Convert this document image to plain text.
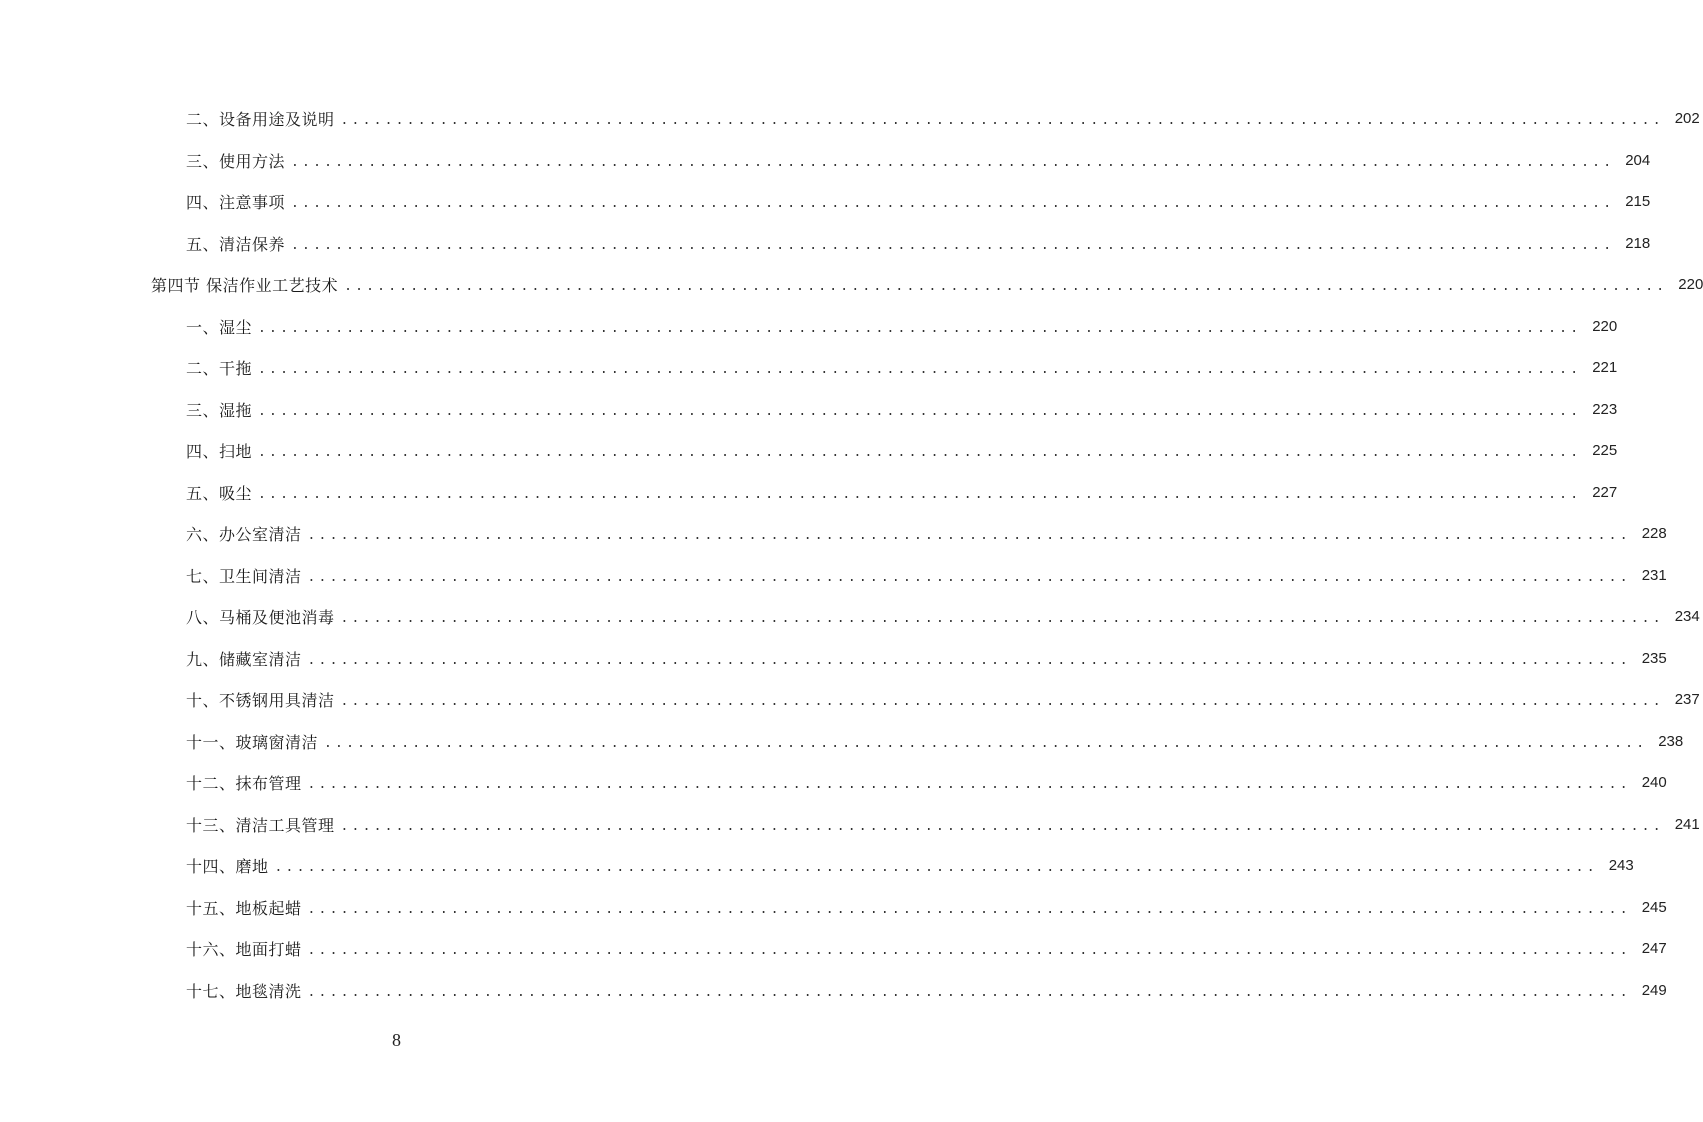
二、设备用途及说明 ........................................................................................................................ 202
三、使用方法 ........................................................................................................................ 204
四、注意事项 ........................................................................................................................ 215
五、清洁保养 ........................................................................................................................ 218
第四节 保洁作业工艺技术 ........................................................................................................................ 220
一、湿尘 ........................................................................................................................ 220
二、干拖 ........................................................................................................................ 221
三、湿拖 ........................................................................................................................ 223
四、扫地 ........................................................................................................................ 225
五、吸尘 ........................................................................................................................ 227
六、办公室清洁 ........................................................................................................................ 228
七、卫生间清洁 ........................................................................................................................ 231
八、马桶及便池消毒 ........................................................................................................................ 234
九、储藏室清洁 ........................................................................................................................ 235
十、不锈钢用具清洁 ........................................................................................................................ 237
十一、玻璃窗清洁 ........................................................................................................................ 238
十二、抹布管理 ........................................................................................................................ 240
十三、清洁工具管理 ........................................................................................................................ 241
十四、磨地 ........................................................................................................................ 243
十五、地板起蜡 ........................................................................................................................ 245
十六、地面打蜡 ........................................................................................................................ 247
十七、地毯清洗 ........................................................................................................................ 249
8
